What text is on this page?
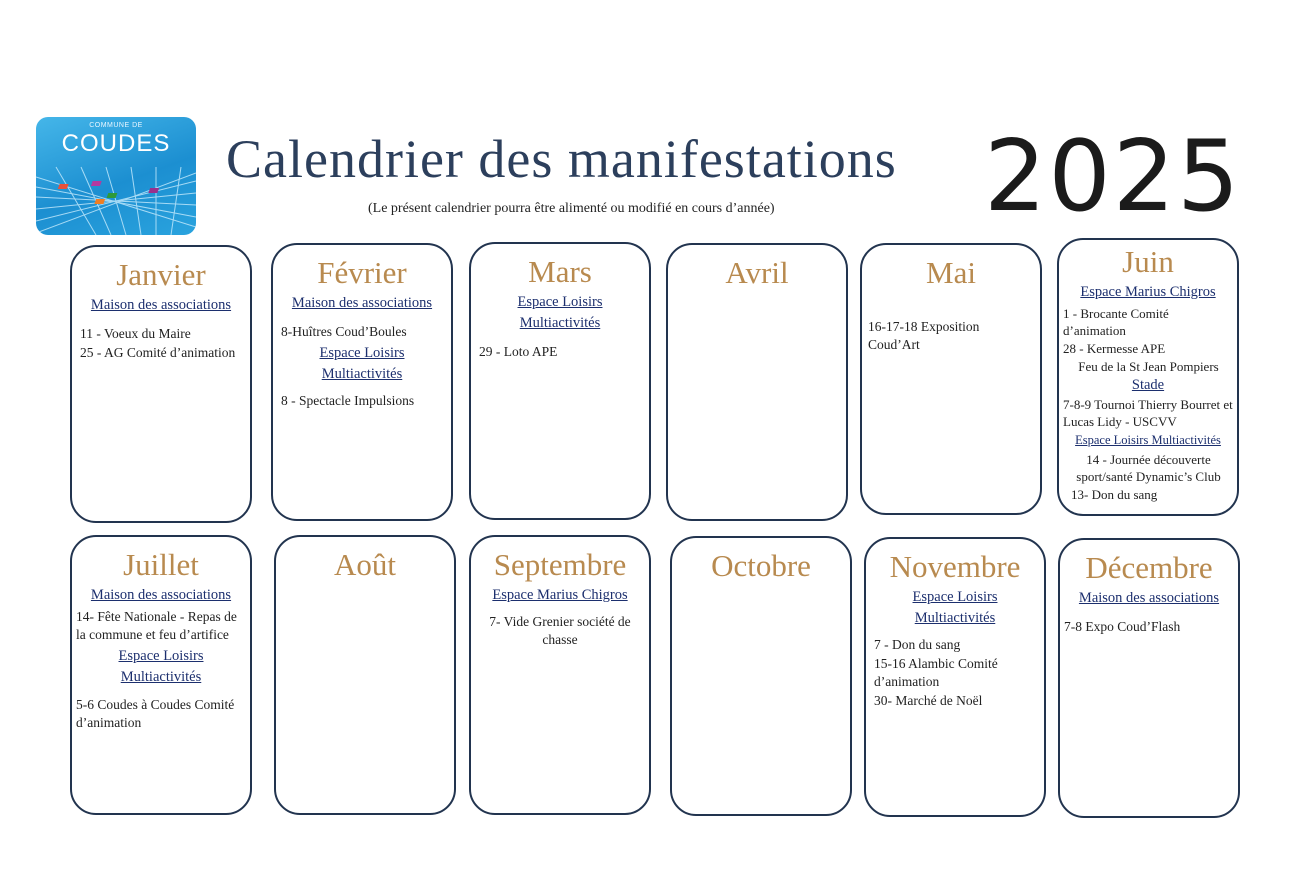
COMMUNE DE
COUDES	Calendrier des manifestations
(Le présent calendrier pourra être alimenté ou modifié en cours d’année) 2025
Janvier
Maison des associations
11 - Voeux du Maire
25 - AG Comité d’animation
Février
Maison des associations
8-Huîtres Coud’Boules
Espace Loisirs Multiactivités
8 - Spectacle Impulsions
Mars
Espace Loisirs Multiactivités
29 - Loto APE
Avril	Mai
16-17-18 Exposition Coud’Art
Juin
Espace Marius Chigros
1 - Brocante Comité d’animation
28 - Kermesse APE
Feu de la St Jean Pompiers
Stade
7-8-9 Tournoi Thierry Bourret et Lucas Lidy - USCVV
Espace Loisirs Multiactivités
14 - Journée découverte sport/santé Dynamic’s Club
13- Don du sang
Juillet
Maison des associations
14- Fête Nationale - Repas de la commune et feu d’artifice
Espace Loisirs Multiactivités
5-6 Coudes à Coudes Comité d’animation
Août	Septembre
Espace Marius Chigros
7- Vide Grenier société de chasse
Octobre	Novembre
Espace Loisirs Multiactivités
7 - Don du sang
15-16 Alambic Comité d’animation
30- Marché de Noël
Décembre
Maison des associations
7-8 Expo Coud’Flash
